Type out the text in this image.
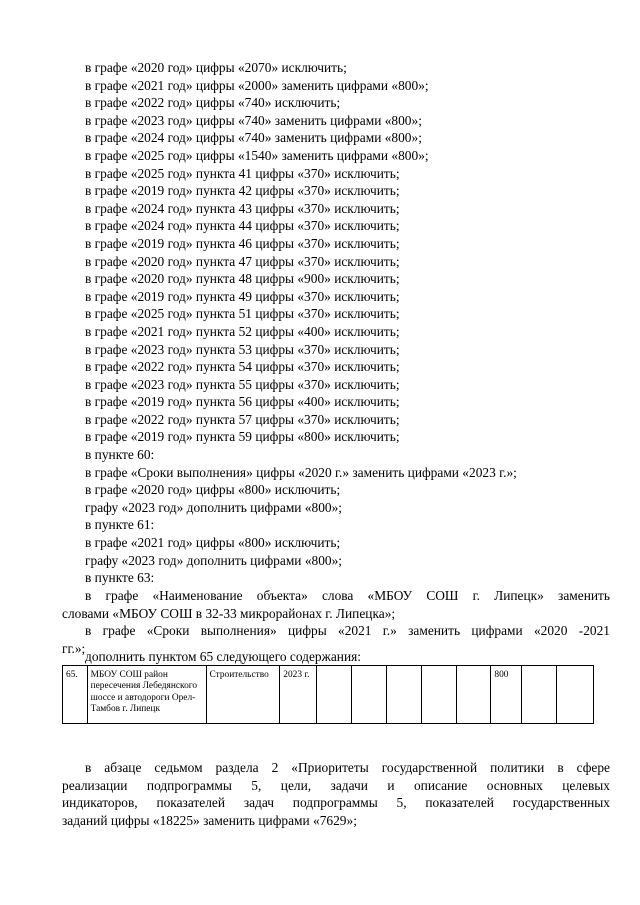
в графе «2020 год» цифры «2070» исключить;
в графе «2021 год» цифры «2000» заменить цифрами «800»;
в графе «2022 год» цифры «740» исключить;
в графе «2023 год» цифры «740» заменить цифрами «800»;
в графе «2024 год» цифры «740» заменить цифрами «800»;
в графе «2025 год» цифры «1540» заменить цифрами «800»;
в графе «2025 год» пункта 41 цифры «370» исключить;
в графе «2019 год» пункта 42 цифры «370» исключить;
в графе «2024 год» пункта 43 цифры «370» исключить;
в графе «2024 год» пункта 44 цифры «370» исключить;
в графе «2019 год» пункта 46 цифры «370» исключить;
в графе «2020 год» пункта 47 цифры «370» исключить;
в графе «2020 год» пункта 48 цифры «900» исключить;
в графе «2019 год» пункта 49 цифры «370» исключить;
в графе «2025 год» пункта 51 цифры «370» исключить;
в графе «2021 год» пункта 52 цифры «400» исключить;
в графе «2023 год» пункта 53 цифры «370» исключить;
в графе «2022 год» пункта 54 цифры «370» исключить;
в графе «2023 год» пункта 55 цифры «370» исключить;
в графе «2019 год» пункта 56 цифры «400» исключить;
в графе «2022 год» пункта 57 цифры «370» исключить;
в графе «2019 год» пункта 59 цифры «800» исключить;
в пункте 60:
в графе «Сроки выполнения» цифры «2020 г.» заменить цифрами «2023 г.»;
в графе «2020 год» цифры «800» исключить;
графу «2023 год» дополнить цифрами «800»;
в пункте 61:
в графе «2021 год» цифры «800» исключить;
графу «2023 год» дополнить цифрами «800»;
в пункте 63:
в графе «Наименование объекта» слова «МБОУ СОШ г. Липецк» заменить
словами «МБОУ СОШ в 32-33 микрорайонах г. Липецка»;
в графе «Сроки выполнения» цифры «2021 г.» заменить цифрами «2020 -2021
гг.»;
дополнить пунктом 65 следующего содержания:
65.	МБОУ СОШ район пересечения Лебедянского шоссе и автодороги Орел-Тамбов г. Липецк	Строительство	2023 г.						800		
в абзаце седьмом раздела 2 «Приоритеты государственной политики в сфере
реализации подпрограммы 5, цели, задачи и описание основных целевых
индикаторов, показателей задач подпрограммы 5, показателей государственных
заданий цифры «18225» заменить цифрами «7629»;
